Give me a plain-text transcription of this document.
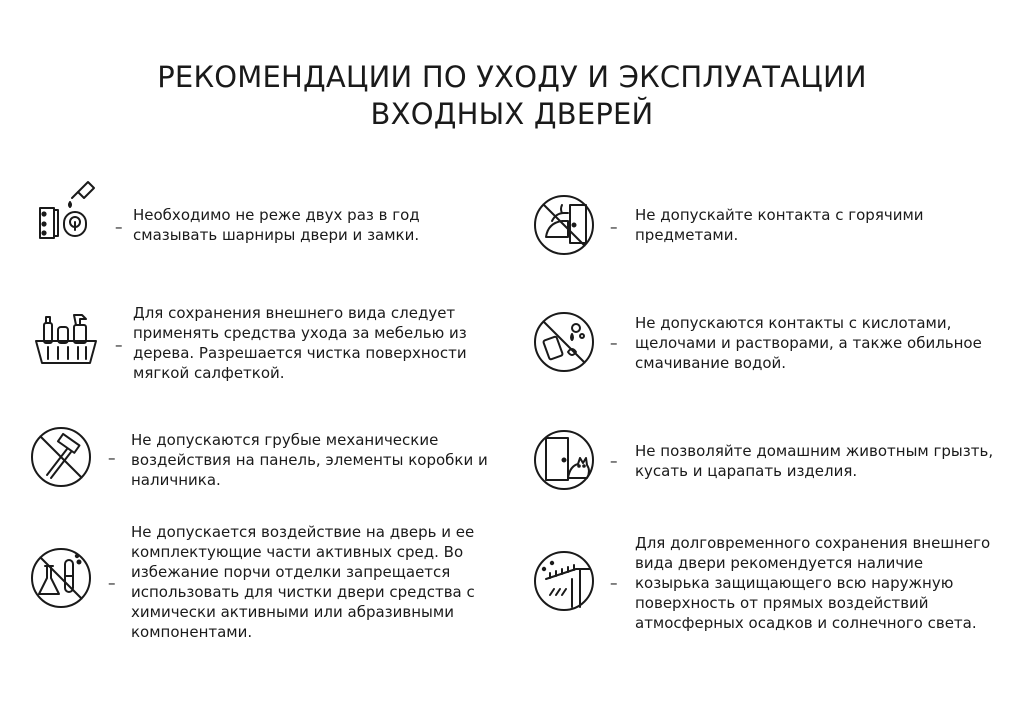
РЕКОМЕНДАЦИИ ПО УХОДУ И ЭКСПЛУАТАЦИИ
ВХОДНЫХ ДВЕРЕЙ
–
Необходимо не реже двух раз в год
смазывать шарниры двери и замки.
–
Для сохранения внешнего вида следует
применять средства ухода за мебелью из
дерева. Разрешается чистка поверхности
мягкой салфеткой.
–
Не допускаются грубые механические
воздействия на панель, элементы коробки и
наличника.
–
Не допускается воздействие на дверь и ее
комплектующие части активных сред. Во
избежание порчи отделки запрещается
использовать для чистки двери средства с
химически активными или абразивными
компонентами.
–
Не допускайте контакта с горячими
предметами.
–
Не допускаются контакты с кислотами,
щелочами и растворами, а также обильное
смачивание водой.
–
Не позволяйте домашним животным грызть,
кусать и царапать изделия.
–
Для долговременного сохранения внешнего
вида двери рекомендуется наличие
козырька защищающего всю наружную
поверхность от прямых воздействий
атмосферных осадков и солнечного света.
